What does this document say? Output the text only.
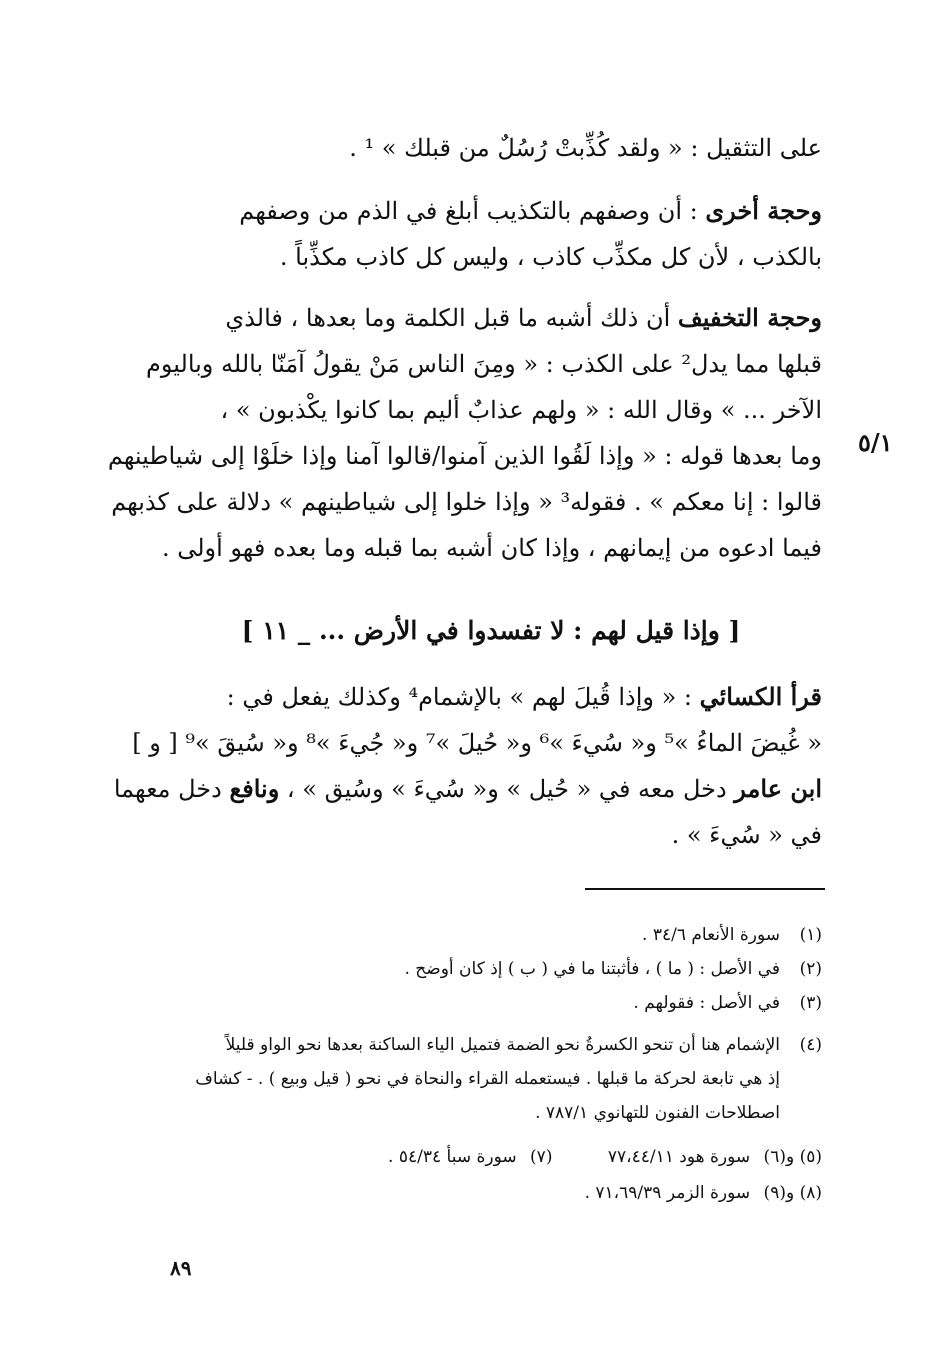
على التثقيل : « ولقد كُذِّبتْ رُسُلٌ من قبلك » ¹ .
وحجة أخرى : أن وصفهم بالتكذيب أبلغ في الذم من وصفهم
بالكذب ، لأن كل مكذِّب كاذب ، وليس كل كاذب مكذِّباً .
وحجة التخفيف أن ذلك أشبه ما قبل الكلمة وما بعدها ، فالذي
قبلها مما يدل² على الكذب : « ومِنَ الناس مَنْ يقولُ آمَنّا بالله وباليوم
الآخر ... » وقال الله : « ولهم عذابٌ أليم بما كانوا يكْذبون » ،
وما بعدها قوله : « وإذا لَقُوا الذين آمنوا/قالوا آمنا وإذا خلَوْا إلى شياطينهم
قالوا : إنا معكم » . فقوله³ « وإذا خلوا إلى شياطينهم » دلالة على كذبهم
فيما ادعوه من إيمانهم ، وإذا كان أشبه بما قبله وما بعده فهو أولى .
٥/١
[ وإذا قيل لهم : لا تفسدوا في الأرض ... _ ١١ ]
قرأ الكسائي : « وإذا قُيلَ لهم » بالإشمام⁴ وكذلك يفعل في :
« غُيضَ الماءُ »⁵ و« سُيءَ »⁶ و« حُيلَ »⁷ و« جُيءَ »⁸ و« سُيقَ »⁹ [ و ]
ابن عامر دخل معه في « حُيل » و« سُيءَ » وسُيق » ، ونافع دخل معهما
في « سُيءَ » .
(١)سورة الأنعام ٣٤/٦ .
(٢)في الأصل : ( ما ) ، فأثبتنا ما في ( ب ) إذ كان أوضح .
(٣)في الأصل : فقولهم .
(٤)الإشمام هنا أن تنحو الكسرةُ نحو الضمة فتميل الياء الساكنة بعدها نحو الواو قليلاً
إذ هي تابعة لحركة ما قبلها . فيستعمله القراء والنحاة في نحو ( قيل وبيع ) . - كشاف
اصطلاحات الفنون للتهانوي ٧٨٧/١ .
(٥) و(٦) سورة هود ٧٧،٤٤/١١ (٧) سورة سبأ ٥٤/٣٤ .
(٨) و(٩) سورة الزمر ٧١،٦٩/٣٩ .
٨٩
